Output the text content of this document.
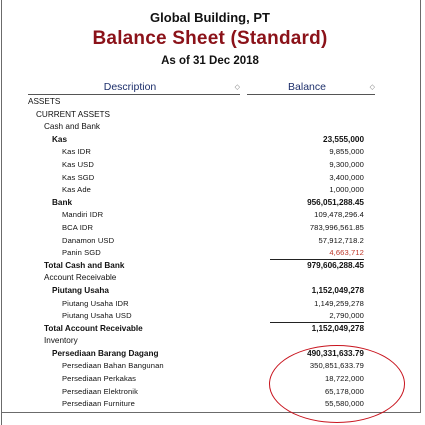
Global Building, PT
Balance Sheet (Standard)
As of 31 Dec 2018
Description	◇	Balance	◇
ASSETS
CURRENT ASSETS
Cash and Bank
Kas	23,555,000
Kas IDR	9,855,000
Kas USD	9,300,000
Kas SGD	3,400,000
Kas Ade	1,000,000
Bank	956,051,288.45
Mandiri IDR	109,478,296.4
BCA IDR	783,996,561.85
Danamon USD	57,912,718.2
Panin SGD	4,663,712
Total Cash and Bank	979,606,288.45
Account Receivable
Piutang Usaha	1,152,049,278
Piutang Usaha IDR	1,149,259,278
Piutang Usaha USD	2,790,000
Total Account Receivable	1,152,049,278
Inventory
Persediaan Barang Dagang	490,331,633.79
Persediaan Bahan Bangunan	350,851,633.79
Persediaan Perkakas	18,722,000
Persediaan Elektronik	65,178,000
Persediaan Furniture	55,580,000
